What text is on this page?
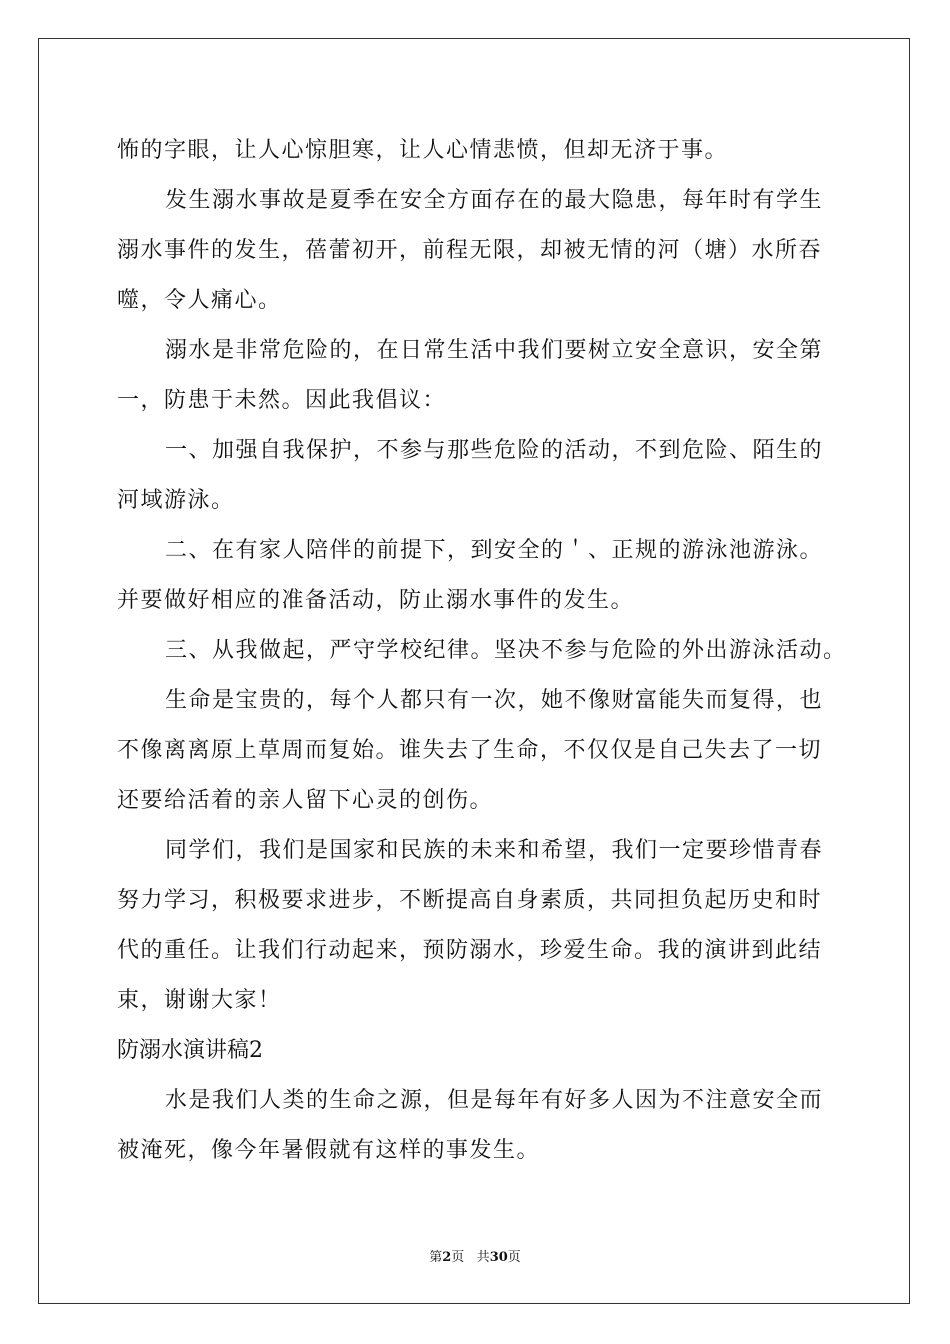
怖的字眼，让人心惊胆寒，让人心情悲愤，但却无济于事。
发生溺水事故是夏季在安全方面存在的最大隐患，每年时有学生
溺水事件的发生，蓓蕾初开，前程无限，却被无情的河（塘）水所吞
噬，令人痛心。
溺水是非常危险的，在日常生活中我们要树立安全意识，安全第
一，防患于未然。因此我倡议：
一、加强自我保护，不参与那些危险的活动，不到危险、陌生的
河域游泳。
二、在有家人陪伴的前提下，到安全的＇、正规的游泳池游泳。
并要做好相应的准备活动，防止溺水事件的发生。
三、从我做起，严守学校纪律。坚决不参与危险的外出游泳活动。
生命是宝贵的，每个人都只有一次，她不像财富能失而复得，也
不像离离原上草周而复始。谁失去了生命，不仅仅是自己失去了一切
还要给活着的亲人留下心灵的创伤。
同学们，我们是国家和民族的未来和希望，我们一定要珍惜青春
努力学习，积极要求进步，不断提高自身素质，共同担负起历史和时
代的重任。让我们行动起来，预防溺水，珍爱生命。我的演讲到此结
束，谢谢大家！
防溺水演讲稿2
水是我们人类的生命之源，但是每年有好多人因为不注意安全而
被淹死，像今年暑假就有这样的事发生。
第2页 共30页
